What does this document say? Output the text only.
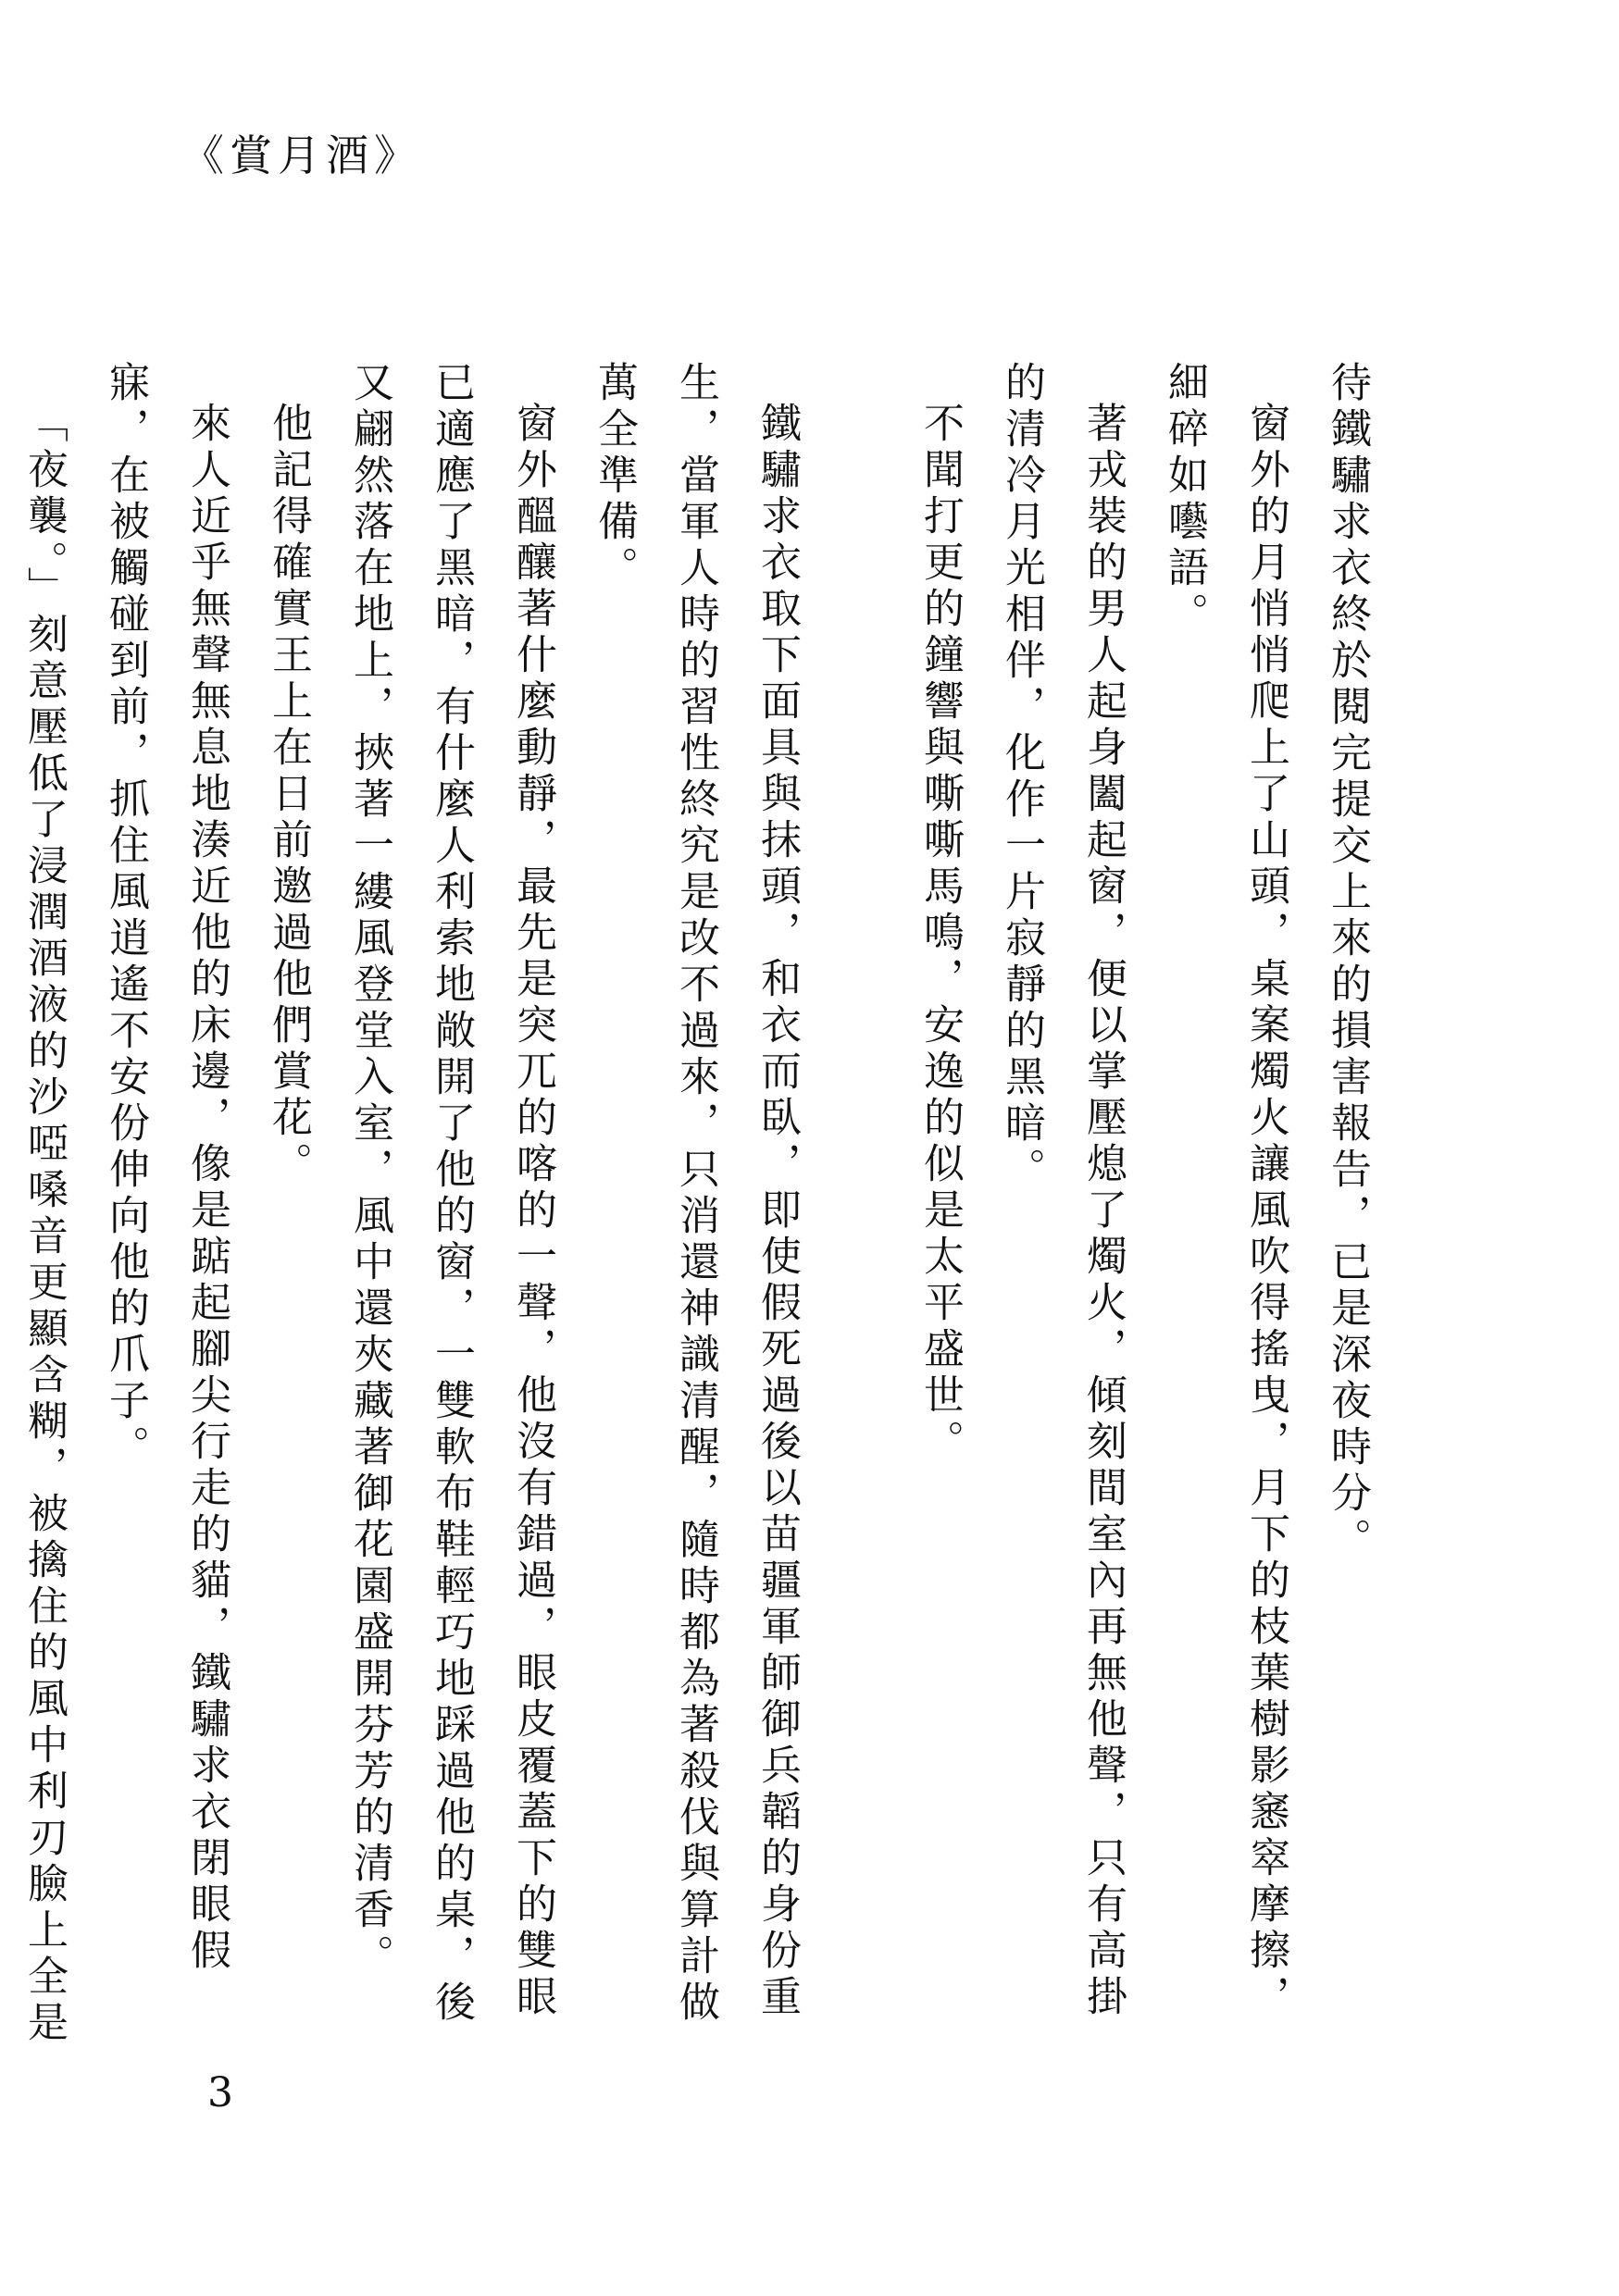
《賞月酒》

待鐵驌求衣終於閱完提交上來的損害報告，已是深夜時分。

窗外的月悄悄爬上了山頭，桌案燭火讓風吹得搖曳，月下的枝葉樹影窸窣摩擦，細碎如囈語。

著戎裝的男人起身闔起窗，便以掌壓熄了燭火，傾刻間室內再無他聲，只有高掛的清冷月光相伴，化作一片寂靜的黑暗。

不聞打更的鐘響與嘶嘶馬鳴，安逸的似是太平盛世。

鐵驌求衣取下面具與抹頭，和衣而臥，即使假死過後以苗疆軍師御兵韜的身份重生，當軍人時的習性終究是改不過來，只消還神識清醒，隨時都為著殺伐與算計做萬全準備。

窗外醞釀著什麼動靜，最先是突兀的喀的一聲，他沒有錯過，眼皮覆蓋下的雙眼已適應了黑暗，有什麼人利索地敞開了他的窗，一雙軟布鞋輕巧地踩過他的桌，後又翩然落在地上，挾著一縷風登堂入室，風中還夾藏著御花園盛開芬芳的清香。

他記得確實王上在日前邀過他們賞花。

來人近乎無聲無息地湊近他的床邊，像是踮起腳尖行走的貓，鐵驌求衣閉眼假寐，在被觸碰到前，抓住風逍遙不安份伸向他的爪子。

「夜襲。」刻意壓低了浸潤酒液的沙啞嗓音更顯含糊，被擒住的風中利刃臉上全是

3
